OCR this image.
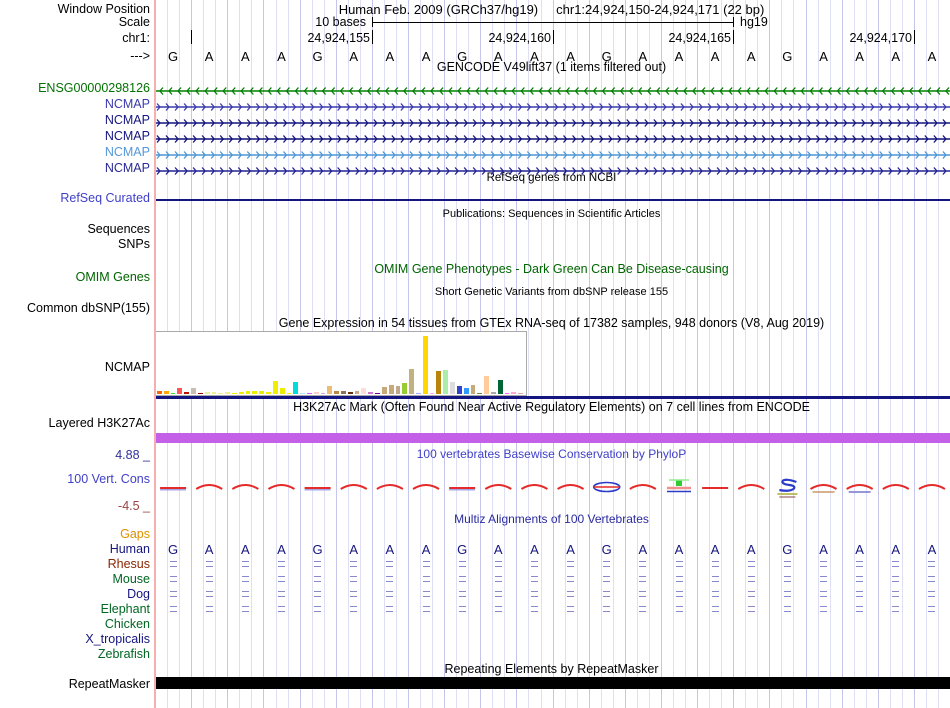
Human Feb. 2009 (GRCh37/hg19) chr1:24,924,150-24,924,171 (22 bp)
10 bases	hg19
24,924,155	24,924,160	24,924,165	24,924,170
G	A	A	A	G	A	A	A	G	A	A	A	G	A	A	A	A	G	A	A	A	A
GENCODE V49lift37 (1 items filtered out)
RefSeq genes from NCBI
Publications: Sequences in Scientific Articles
OMIM Gene Phenotypes - Dark Green Can Be Disease-causing
Short Genetic Variants from dbSNP release 155
Gene Expression in 54 tissues from GTEx RNA-seq of 17382 samples, 948 donors (V8, Aug 2019)
H3K27Ac Mark (Often Found Near Active Regulatory Elements) on 7 cell lines from ENCODE
100 vertebrates Basewise Conservation by PhyloP
Multiz Alignments of 100 Vertebrates
Repeating Elements by RepeatMasker
Window Position
Scale
chr1:
--->
ENSG00000298126
NCMAP
NCMAP
NCMAP
NCMAP
NCMAP
RefSeq Curated
Sequences
SNPs
OMIM Genes
Common dbSNP(155)
NCMAP
Layered H3K27Ac
4.88 _
100 Vert. Cons
-4.5 _
Gaps
Human
Rhesus
Mouse
Dog
Elephant
Chicken
X_tropicalis
Zebrafish
RepeatMasker
G	A	A	A	G	A	A	A	G	A	A	A	G	A	A	A	A	G	A	A	A	A
